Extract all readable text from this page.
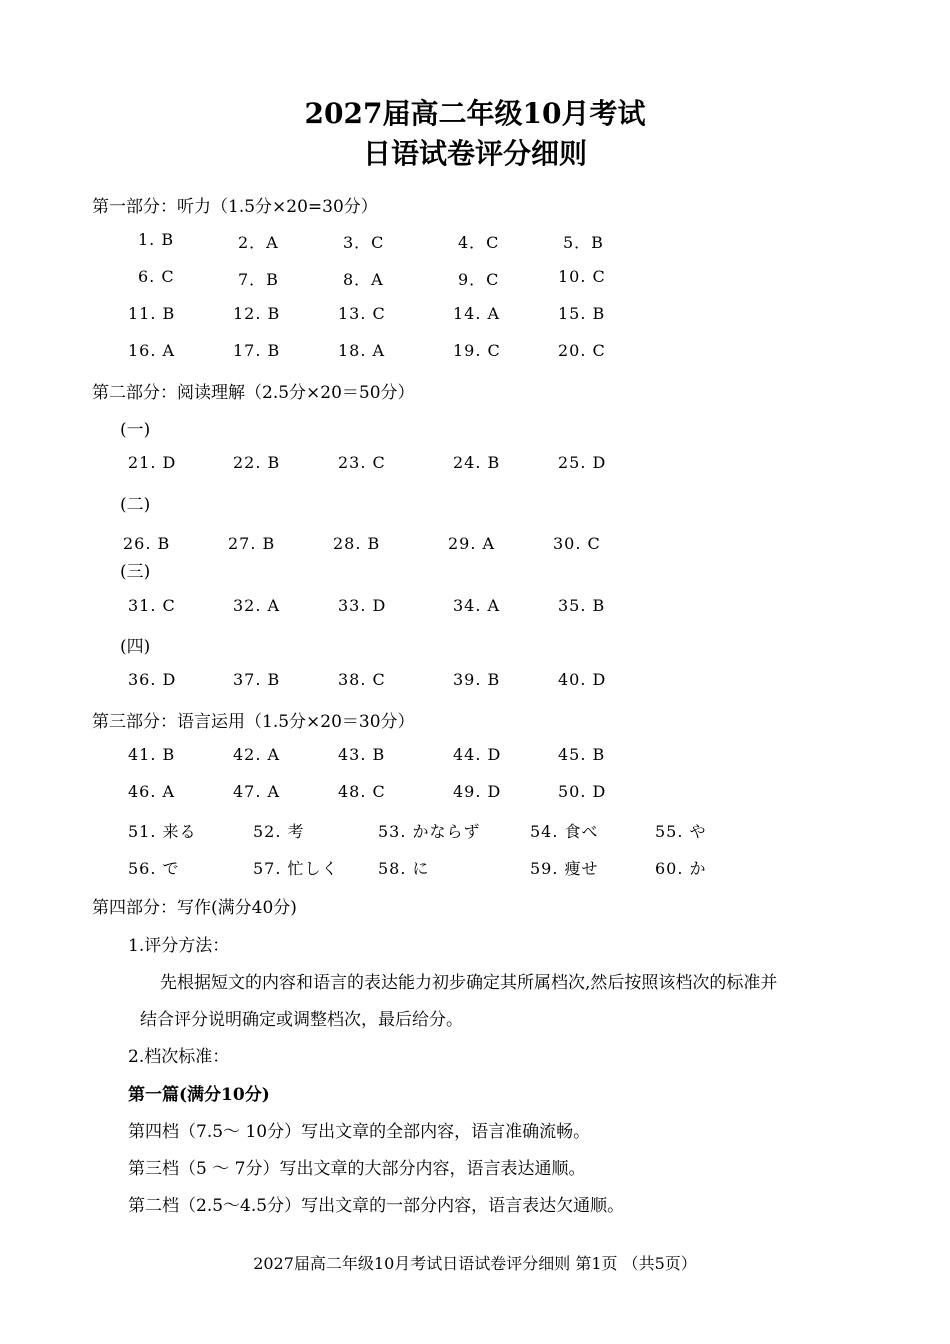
2027届高二年级10月考试
日语试卷评分细则
第一部分：听力（1.5分×20=30分）
1. B	2．A	3．C	4．C	5．B
6. C	7．B	8．A	9．C	10. C
11. B	12. B	13. C	14. A	15. B
16. A	17. B	18. A	19. C	20. C
第二部分：阅读理解（2.5分×20＝50分）
(一)
21. D	22. B	23. C	24. B	25. D
(二)
26. B	27. B	28. B	29. A	30. C
(三)
31. C	32. A	33. D	34. A	35. B
(四)
36. D	37. B	38. C	39. B	40. D
第三部分：语言运用（1.5分×20＝30分）
41. B	42. A	43. B	44. D	45. B
46. A	47. A	48. C	49. D	50. D
51. 来る	52. 考	53. かならず	54. 食べ	55. や
56. で	57. 忙しく 58. に	59. 痩せ	60. か
第四部分：写作(满分40分)
1.评分方法：
先根据短文的内容和语言的表达能力初步确定其所属档次,然后按照该档次的标准并
结合评分说明确定或调整档次，最后给分。
2.档次标准：
第一篇(满分10分)
第四档（7.5～ 10分）写出文章的全部内容，语言准确流畅。
第三档（5 ～ 7分）写出文章的大部分内容，语言表达通顺。
第二档（2.5～4.5分）写出文章的一部分内容，语言表达欠通顺。
2027届高二年级10月考试日语试卷评分细则 第1页 （共5页）
